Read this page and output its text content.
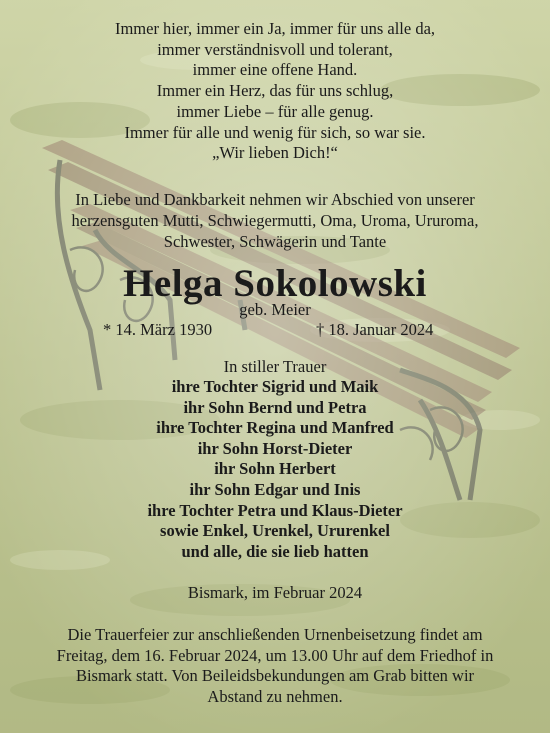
Immer hier, immer ein Ja, immer für uns alle da,
immer verständnisvoll und tolerant,
immer eine offene Hand.
Immer ein Herz, das für uns schlug,
immer Liebe – für alle genug.
Immer für alle und wenig für sich, so war sie.
„Wir lieben Dich!“
In Liebe und Dankbarkeit nehmen wir Abschied von unserer
herzensguten Mutti, Schwiegermutti, Oma, Uroma, Ururoma,
Schwester, Schwägerin und Tante
Helga Sokolowski
geb. Meier
* 14. März 1930	† 18. Januar 2024
In stiller Trauer
ihre Tochter Sigrid und Maik
ihr Sohn Bernd und Petra
ihre Tochter Regina und Manfred
ihr Sohn Horst-Dieter
ihr Sohn Herbert
ihr Sohn Edgar und Inis
ihre Tochter Petra und Klaus-Dieter
sowie Enkel, Urenkel, Ururenkel
und alle, die sie lieb hatten
Bismark, im Februar 2024
Die Trauerfeier zur anschließenden Urnenbeisetzung findet am
Freitag, dem 16. Februar 2024, um 13.00 Uhr auf dem Friedhof in
Bismark statt. Von Beileidsbekundungen am Grab bitten wir
Abstand zu nehmen.
